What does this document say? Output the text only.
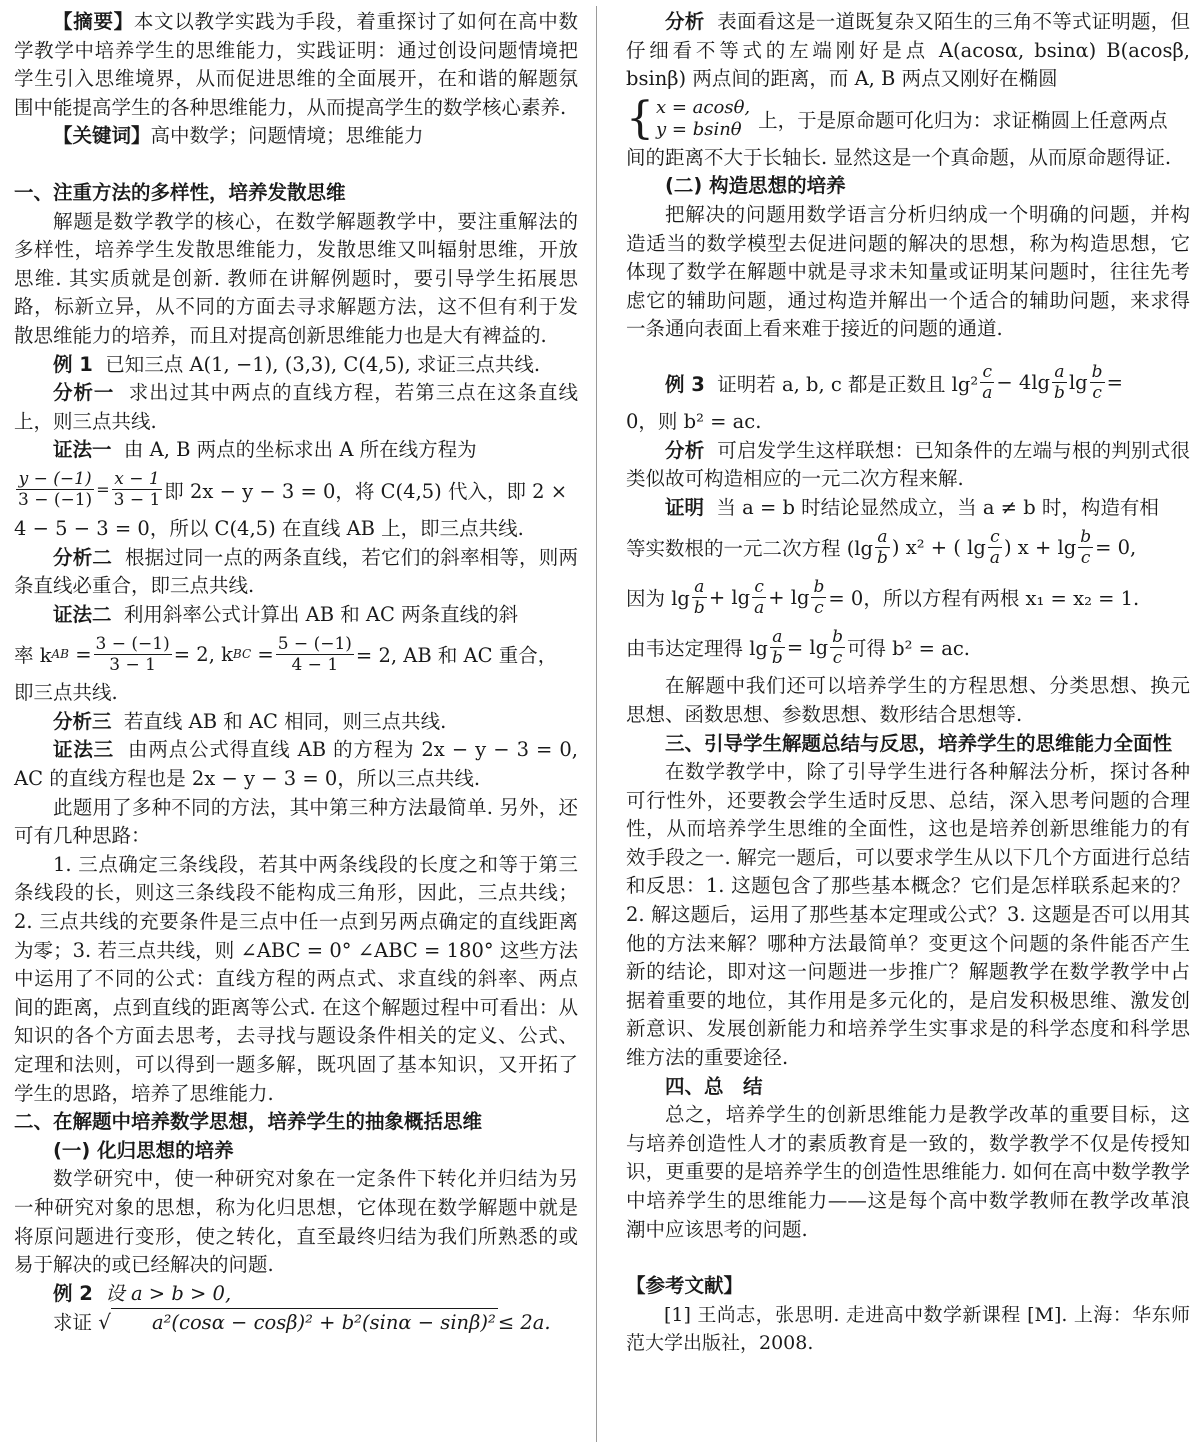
【摘要】本文以教学实践为手段，着重探讨了如何在高中数学教学中培养学生的思维能力，实践证明：通过创设问题情境把学生引入思维境界，从而促进思维的全面展开，在和谐的解题氛围中能提高学生的各种思维能力，从而提高学生的数学核心素养.

【关键词】高中数学；问题情境；思维能力

一、注重方法的多样性，培养发散思维

解题是数学教学的核心，在数学解题教学中，要注重解法的多样性，培养学生发散思维能力，发散思维又叫辐射思维，开放思维. 其实质就是创新. 教师在讲解例题时，要引导学生拓展思路，标新立异，从不同的方面去寻求解题方法，这不但有利于发散思维能力的培养，而且对提高创新思维能力也是大有裨益的.

例 1 已知三点 A(1, −1), (3,3), C(4,5), 求证三点共线.

分析一 求出过其中两点的直线方程，若第三点在这条直线上，则三点共线.

证法一 由 A, B 两点的坐标求出 A 所在线方程为

$\frac{y - (-1)}{3 - (-1)} = \frac{x - 1}{3 - 1}$ 即 2x − y − 3 = 0，将 C(4,5) 代入，即 2 ×

4 − 5 − 3 = 0，所以 C(4,5) 在直线 AB 上，即三点共线.

分析二 根据过同一点的两条直线，若它们的斜率相等，则两条直线必重合，即三点共线.

证法二 利用斜率公式计算出 AB 和 AC 两条直线的斜

率 k AB = $\frac{3 - (-1)}{3 - 1} = 2$, k BC = $\frac{5 - (-1)}{4 - 1} = 2$, AB 和 AC 重合，

即三点共线.

分析三 若直线 AB 和 AC 相同，则三点共线.

证法三 由两点公式得直线 AB 的方程为 2x − y − 3 = 0, AC 的直线方程也是 2x − y − 3 = 0，所以三点共线.

此题用了多种不同的方法，其中第三种方法最简单. 另外，还可有几种思路：

1. 三点确定三条线段，若其中两条线段的长度之和等于第三条线段的长，则这三条线段不能构成三角形，因此，三点共线；2. 三点共线的充要条件是三点中任一点到另两点确定的直线距离为零；3. 若三点共线，则 ∠ABC = 0° ∠ABC = 180° 这些方法中运用了不同的公式：直线方程的两点式、求直线的斜率、两点间的距离，点到直线的距离等公式. 在这个解题过程中可看出：从知识的各个方面去思考，去寻找与题设条件相关的定义、公式、定理和法则，可以得到一题多解，既巩固了基本知识，又开拓了学生的思路，培养了思维能力.

二、在解题中培养数学思想，培养学生的抽象概括思维

(一) 化归思想的培养

数学研究中，使一种研究对象在一定条件下转化并归结为另一种研究对象的思想，称为化归思想，它体现在数学解题中就是将原问题进行变形，使之转化，直至最终归结为我们所熟悉的或易于解决的或已经解决的问题.

例 2 设 a > b > 0,

求证 √ a²(cosα − cosβ)² + b²(sinα − sinβ)² ≤ 2a.

分析 表面看这是一道既复杂又陌生的三角不等式证明题，但仔细看不等式的左端刚好是点 A(acosα, bsinα) B(acosβ, bsinβ) 两点间的距离，而 A, B 两点又刚好在椭圆

{ x = acosθ,
y = bsinθ 上，于是原命题可化归为：求证椭圆上任意两点

间的距离不大于长轴长. 显然这是一个真命题，从而原命题得证.

(二) 构造思想的培养

把解决的问题用数学语言分析归纳成一个明确的问题，并构造适当的数学模型去促进问题的解决的思想，称为构造思想，它体现了数学在解题中就是寻求未知量或证明某问题时，往往先考虑它的辅助问题，通过构造并解出一个适合的辅助问题，来求得一条通向表面上看来难于接近的问题的通道.

例 3
证明若 a, b, c 都是正数且 $\lg^2 \frac{c}{a} - 4\lg \frac{a}{b}$ $\lg \frac{b}{c}$ =

0，则 b² = ac.

分析 可启发学生这样联想：已知条件的左端与根的判别式很类似故可构造相应的一元二次方程来解.

证明 当 a = b 时结论显然成立，当 a ≠ b 时，构造有相

等实数根的一元二次方程 ($\lg \frac{a}{b}$ ) x² + ( $\lg \frac{c}{a}$ ) $x + \lg \frac{b}{c} = 0$,
因为 $\lg \frac{a}{b} + \lg \frac{c}{a} + \lg \frac{b}{c} = 0$，所以方程有两根 x₁ = x₂ = 1.
由韦达定理得 $\lg \frac{a}{b} = \lg \frac{b}{c}$ 可得 b² = ac.

在解题中我们还可以培养学生的方程思想、分类思想、换元思想、函数思想、参数思想、数形结合思想等.

三、引导学生解题总结与反思，培养学生的思维能力全面性

在数学教学中，除了引导学生进行各种解法分析，探讨各种可行性外，还要教会学生适时反思、总结，深入思考问题的合理性，从而培养学生思维的全面性，这也是培养创新思维能力的有效手段之一. 解完一题后，可以要求学生从以下几个方面进行总结和反思：1. 这题包含了那些基本概念？它们是怎样联系起来的？2. 解这题后，运用了那些基本定理或公式？3. 这题是否可以用其他的方法来解？哪种方法最简单？变更这个问题的条件能否产生新的结论，即对这一问题进一步推广？解题教学在数学教学中占据着重要的地位，其作用是多元化的，是启发积极思维、激发创新意识、发展创新能力和培养学生实事求是的科学态度和科学思维方法的重要途径.

四、总　结

总之，培养学生的创新思维能力是教学改革的重要目标，这与培养创造性人才的素质教育是一致的，数学教学不仅是传授知识，更重要的是培养学生的创造性思维能力. 如何在高中数学教学中培养学生的思维能力——这是每个高中数学教师在教学改革浪潮中应该思考的问题.

【参考文献】

[1] 王尚志，张思明. 走进高中数学新课程 [M]. 上海：华东师范大学出版社，2008.
